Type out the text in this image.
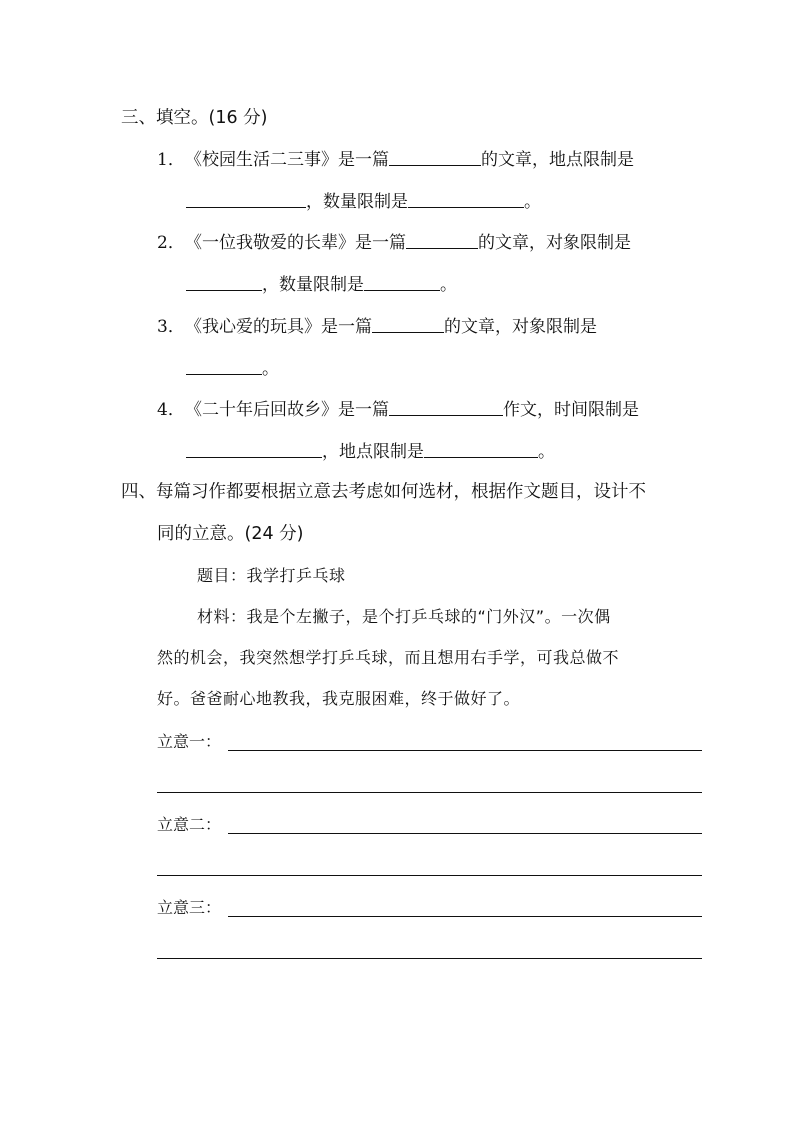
三、填空。(16 分)
1．《校园生活二三事》是一篇	的文章，地点限制是
，数量限制是	。
2．《一位我敬爱的长辈》是一篇	的文章，对象限制是
，数量限制是	。
3．《我心爱的玩具》是一篇	的文章，对象限制是
。
4．《二十年后回故乡》是一篇	作文，时间限制是
，地点限制是	。
四、每篇习作都要根据立意去考虑如何选材，根据作文题目，设计不
同的立意。(24 分)
题目：我学打乒乓球
材料：我是个左撇子，是个打乒乓球的“门外汉”。一次偶
然的机会，我突然想学打乒乓球，而且想用右手学，可我总做不
好。爸爸耐心地教我，我克服困难，终于做好了。
立意一：
立意二：
立意三：
